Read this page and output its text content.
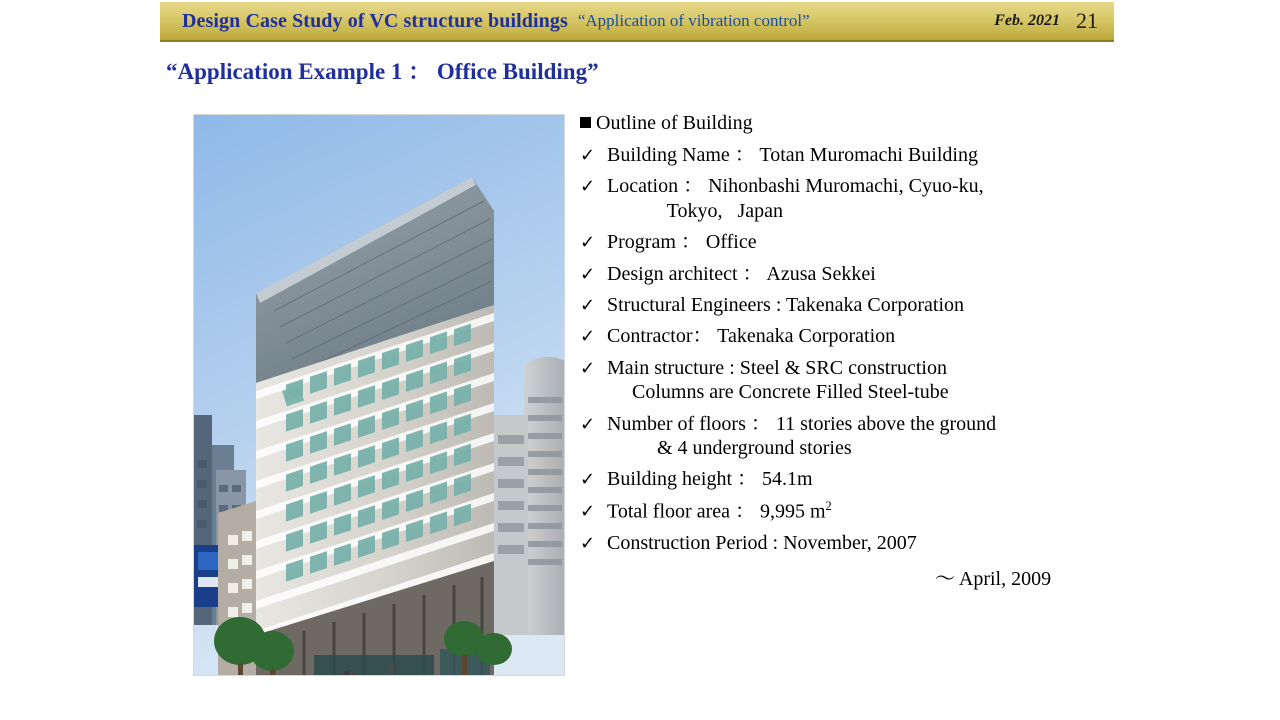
Design Case Study of VC structure buildings “Application of vibration control”	Feb. 2021 21
“Application Example 1 ： Office Building”
Outline of Building
✓ Building Name ： Totan Muromachi Building
✓ Location ： Nihonbashi Muromachi, Cyuo-ku,
Tokyo,   Japan
✓ Program ： Office
✓ Design architect ： Azusa Sekkei
✓ Structural Engineers : Takenaka Corporation
✓ Contractor： Takenaka Corporation
✓ Main structure : Steel & SRC construction
Columns are Concrete Filled Steel-tube
✓ Number of floors ： 11 stories above the ground
& 4 underground stories
✓ Building height ： 54.1m
✓ Total floor area ： 9,995 $m^2$
✓ Construction Period : November, 2007
～ April, 2009
